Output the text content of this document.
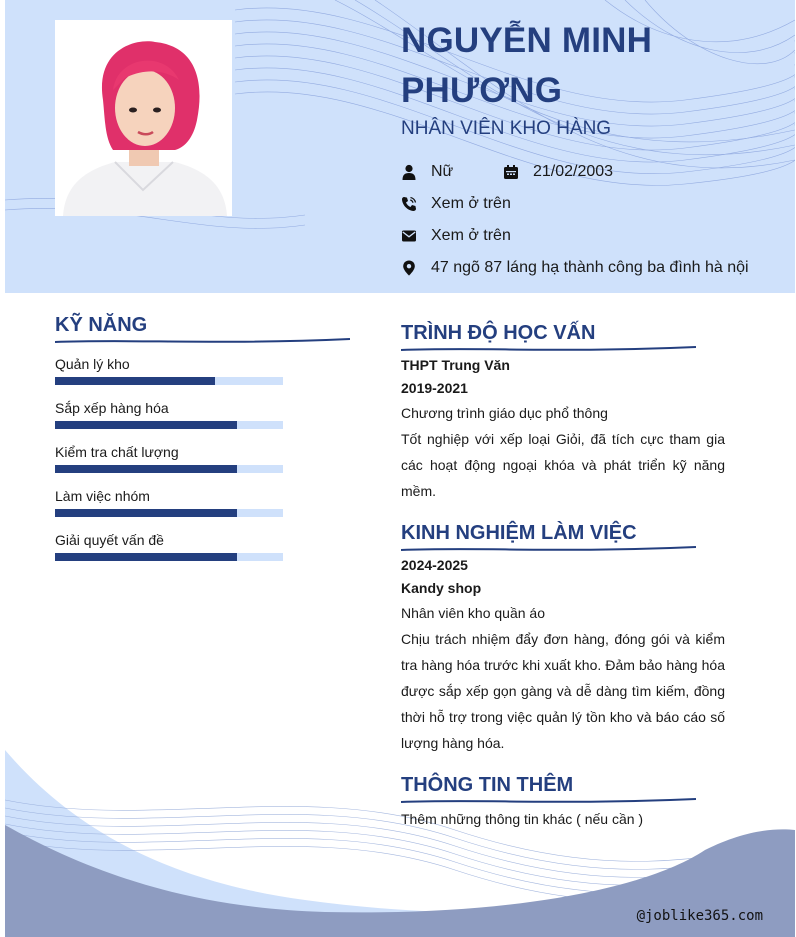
NGUYỄN MINH PHƯƠNG
NHÂN VIÊN KHO HÀNG
Nữ	21/02/2003
Xem ở trên
Xem ở trên
47 ngõ 87 láng hạ thành công ba đình hà nội
KỸ NĂNG	TRÌNH ĐỘ HỌC VẤN
THPT Trung Văn
2019-2021
Chương trình giáo dục phổ thông
Tốt nghiệp với xếp loại Giỏi, đã tích cực tham gia các hoạt động ngoại khóa và phát triển kỹ năng mềm.
KINH NGHIỆM LÀM VIỆC
2024-2025
Kandy shop
Nhân viên kho quần áo
Chịu trách nhiệm đẩy đơn hàng, đóng gói và kiểm tra hàng hóa trước khi xuất kho. Đảm bảo hàng hóa được sắp xếp gọn gàng và dễ dàng tìm kiếm, đồng thời hỗ trợ trong việc quản lý tồn kho và báo cáo số lượng hàng hóa.
THÔNG TIN THÊM
Thêm những thông tin khác ( nếu cần )
@joblike365.com
Quản lý kho
Sắp xếp hàng hóa
Kiểm tra chất lượng
Làm việc nhóm
Giải quyết vấn đề
